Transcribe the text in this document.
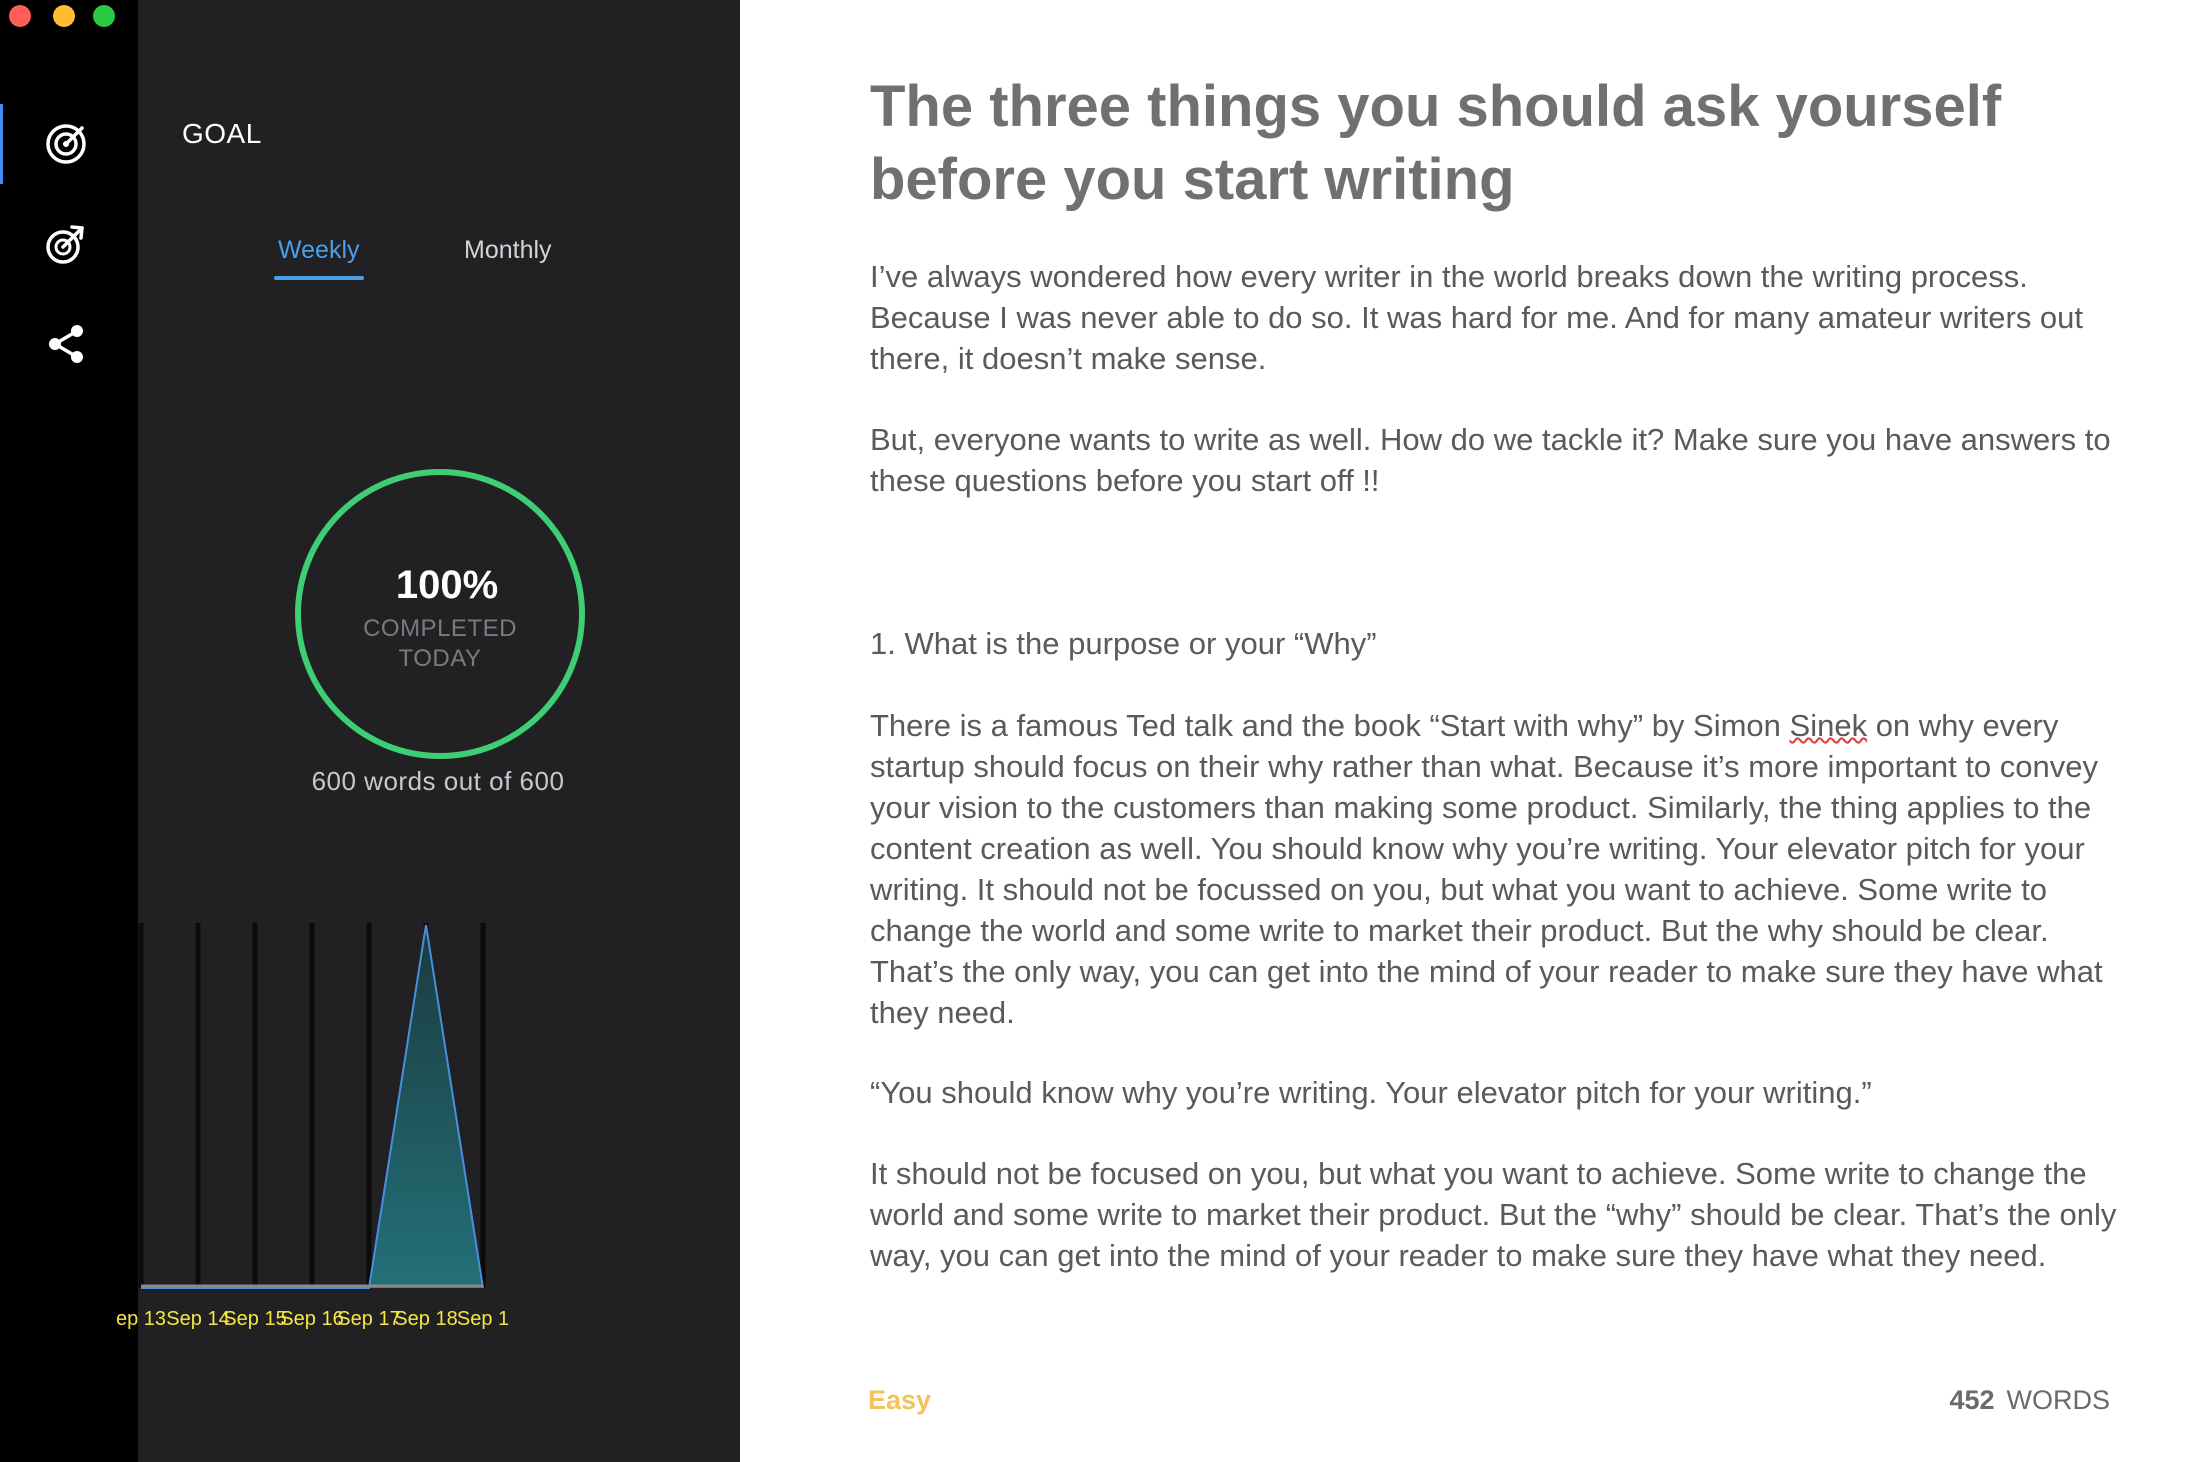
GOAL
Weekly	Monthly
100%
COMPLETED
TODAY
600 words out of 600
ep 13 Sep 14
Sep 15
Sep 16
Sep 17
Sep 18 Sep 1
The three things you should ask yourself before you start writing

I’ve always wondered how every writer in the world breaks down the writing process. Because I was never able to do so. It was hard for me. And for many amateur writers out there, it doesn’t make sense.

But, everyone wants to write as well. How do we tackle it? Make sure you have answers to these questions before you start off !!

1. What is the purpose or your “Why”

There is a famous Ted talk and the book “Start with why” by Simon Sinek on why every startup should focus on their why rather than what. Because it’s more important to convey your vision to the customers than making some product. Similarly, the thing applies to the content creation as well. You should know why you’re writing. Your elevator pitch for your writing. It should not be focussed on you, but what you want to achieve. Some write to change the world and some write to market their product. But the why should be clear. That’s the only way, you can get into the mind of your reader to make sure they have what they need.

“You should know why you’re writing. Your elevator pitch for your writing.”

It should not be focused on you, but what you want to achieve. Some write to change the world and some write to market their product. But the “why” should be clear. That’s the only way, you can get into the mind of your reader to make sure they have what they need.

Easy	452 WORDS
